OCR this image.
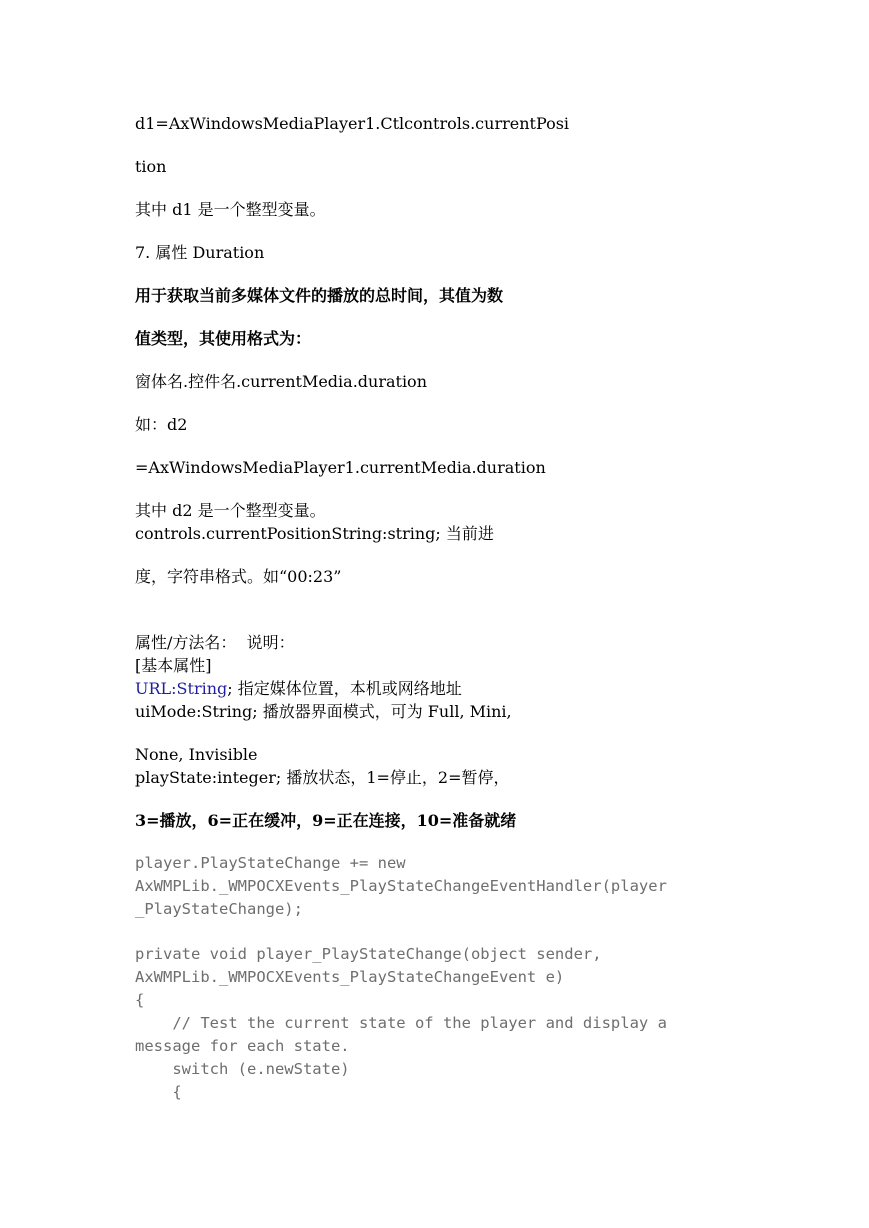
d1=AxWindowsMediaPlayer1.Ctlcontrols.currentPosi

tion

其中 d1 是一个整型变量。

7. 属性 Duration

用于获取当前多媒体文件的播放的总时间，其值为数

值类型，其使用格式为：

窗体名.控件名.currentMedia.duration

如：d2

=AxWindowsMediaPlayer1.currentMedia.duration

其中 d2 是一个整型变量。

controls.currentPositionString:string; 当前进

度，字符串格式。如“00:23”

属性/方法名：  说明：

[基本属性]

URL:String; 指定媒体位置，本机或网络地址

uiMode:String; 播放器界面模式，可为 Full, Mini,

None, Invisible

playState:integer; 播放状态，1=停止，2=暂停，

3=播放，6=正在缓冲，9=正在连接，10=准备就绪

player.PlayStateChange += new

AxWMPLib._WMPOCXEvents_PlayStateChangeEventHandler(player

_PlayStateChange);

private void player_PlayStateChange(object sender,

AxWMPLib._WMPOCXEvents_PlayStateChangeEvent e)

{

// Test the current state of the player and display a

message for each state.

switch (e.newState)

{
